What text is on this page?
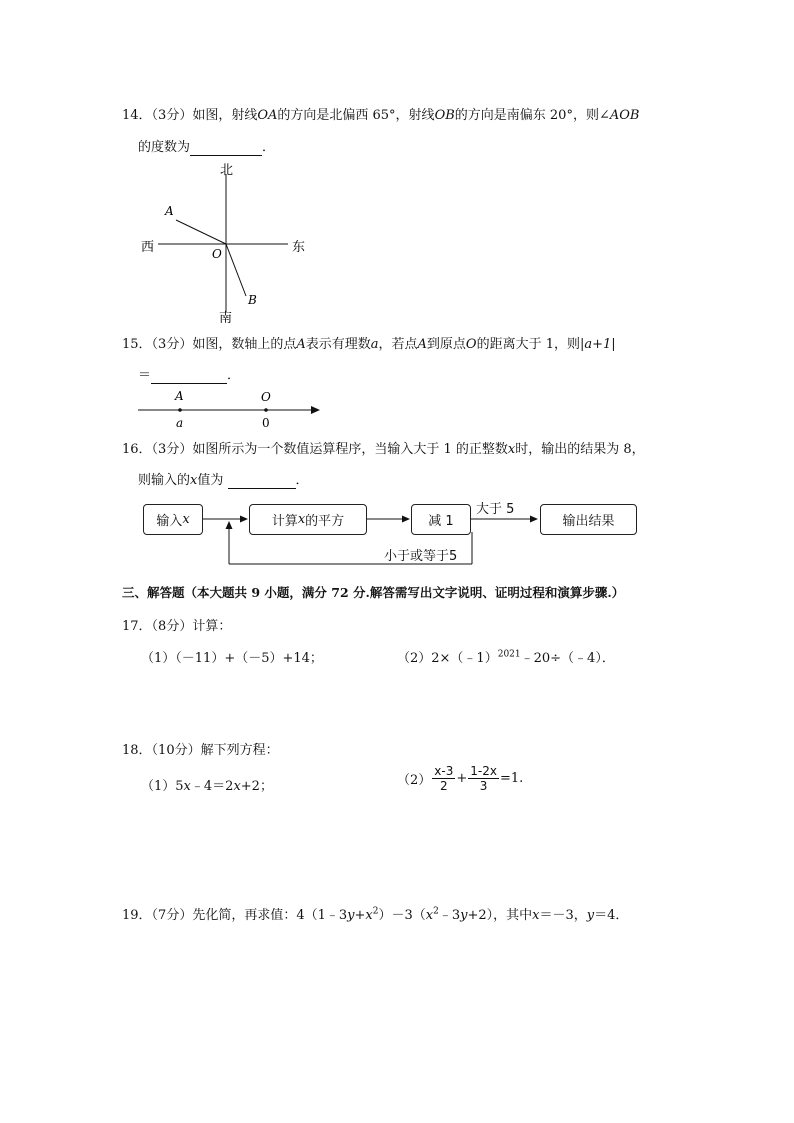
14．（3分）如图，射线OA的方向是北偏西 65°，射线OB的方向是南偏东 20°，则∠AOB
的度数为	．
北
南
西	东
O
A
B
15．（3分）如图，数轴上的点A表示有理数a，若点A到原点O的距离大于 1，则|a+1|
＝	．
A
a
O
0
16．（3分）如图所示为一个数值运算程序，当输入大于 1 的正整数x时，输出的结果为 8，
则输入的x值为	．
输入 x	计算 x 的平方	减 1	输出结果
大于 5
小于或等于5
三、解答题（本大题共 9 小题，满分 72 分.解答需写出文字说明、证明过程和演算步骤.）
17．（8分）计算：
（1）（－11）+（－5）+14；	（2）2×（﹣1）$^{2021}$﹣20÷（﹣4）．
18．（10分）解下列方程：
（1）5x﹣4＝2x+2；	$(2) \frac{x-3}{2} + \frac{1-2x}{3} =1$.
19．（7分）先化简，再求值：$4(1﹣3y+x^2)-3(x^2﹣3y+2)$，其中x＝－3，y＝4．
